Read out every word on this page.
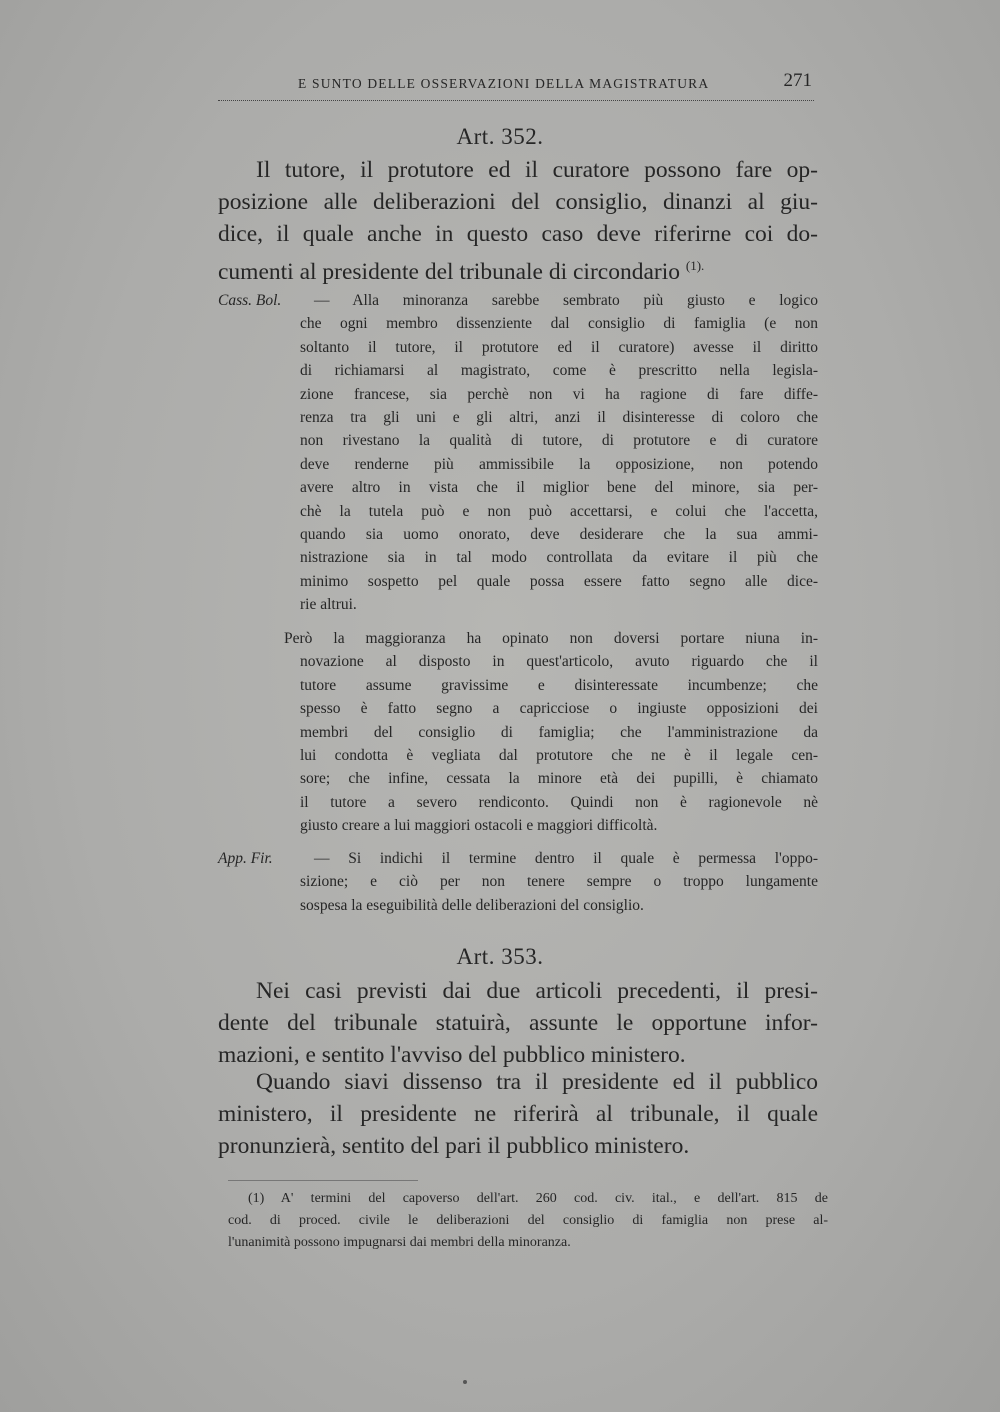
E SUNTO DELLE OSSERVAZIONI DELLA MAGISTRATURA	271
Art. 352.
Il tutore, il protutore ed il curatore possono fare op-
posizione alle deliberazioni del consiglio, dinanzi al giu-
dice, il quale anche in questo caso deve riferirne coi do-
cumenti al presidente del tribunale di circondario $^{(1).}$
Cass. Bol. — Alla minoranza sarebbe sembrato più giusto e logico
che ogni membro dissenziente dal consiglio di famiglia (e non
soltanto il tutore, il protutore ed il curatore) avesse il diritto
di richiamarsi al magistrato, come è prescritto nella legisla-
zione francese, sia perchè non vi ha ragione di fare diffe-
renza tra gli uni e gli altri, anzi il disinteresse di coloro che
non rivestano la qualità di tutore, di protutore e di curatore
deve renderne più ammissibile la opposizione, non potendo
avere altro in vista che il miglior bene del minore, sia per-
chè la tutela può e non può accettarsi, e colui che l'accetta,
quando sia uomo onorato, deve desiderare che la sua ammi-
nistrazione sia in tal modo controllata da evitare il più che
minimo sospetto pel quale possa essere fatto segno alle dice-
rie altrui.
Però la maggioranza ha opinato non doversi portare niuna in-
novazione al disposto in quest'articolo, avuto riguardo che il
tutore assume gravissime e disinteressate incumbenze; che
spesso è fatto segno a capricciose o ingiuste opposizioni dei
membri del consiglio di famiglia; che l'amministrazione da
lui condotta è vegliata dal protutore che ne è il legale cen-
sore; che infine, cessata la minore età dei pupilli, è chiamato
il tutore a severo rendiconto. Quindi non è ragionevole nè
giusto creare a lui maggiori ostacoli e maggiori difficoltà.
App. Fir.	— Si indichi il termine dentro il quale è permessa l'oppo-
sizione; e ciò per non tenere sempre o troppo lungamente
sospesa la eseguibilità delle deliberazioni del consiglio.
Art. 353.
Nei casi previsti dai due articoli precedenti, il presi-
dente del tribunale statuirà, assunte le opportune infor-
mazioni, e sentito l'avviso del pubblico ministero.
Quando siavi dissenso tra il presidente ed il pubblico
ministero, il presidente ne riferirà al tribunale, il quale
pronunzierà, sentito del pari il pubblico ministero.
(1) A' termini del capoverso dell'art. 260 cod. civ. ital., e dell'art. 815 de
cod. di proced. civile le deliberazioni del consiglio di famiglia non prese al-
l'unanimità possono impugnarsi dai membri della minoranza.
